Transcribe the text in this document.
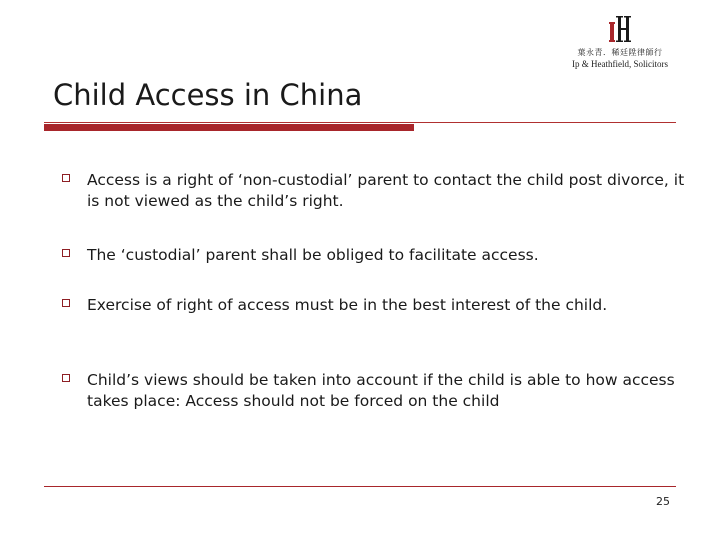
葉永青．稀廷陞律師行
Ip & Heathfield, Solicitors
Child Access in China
Access is a right of ‘non-custodial’ parent to contact the child post divorce, it is not viewed as the child’s right.
The ‘custodial’ parent shall be obliged to facilitate access.
Exercise of right of access must be in the best interest of the child.
Child’s views should be taken into account if the child is able to how access takes place: Access should not be forced on the child
25
